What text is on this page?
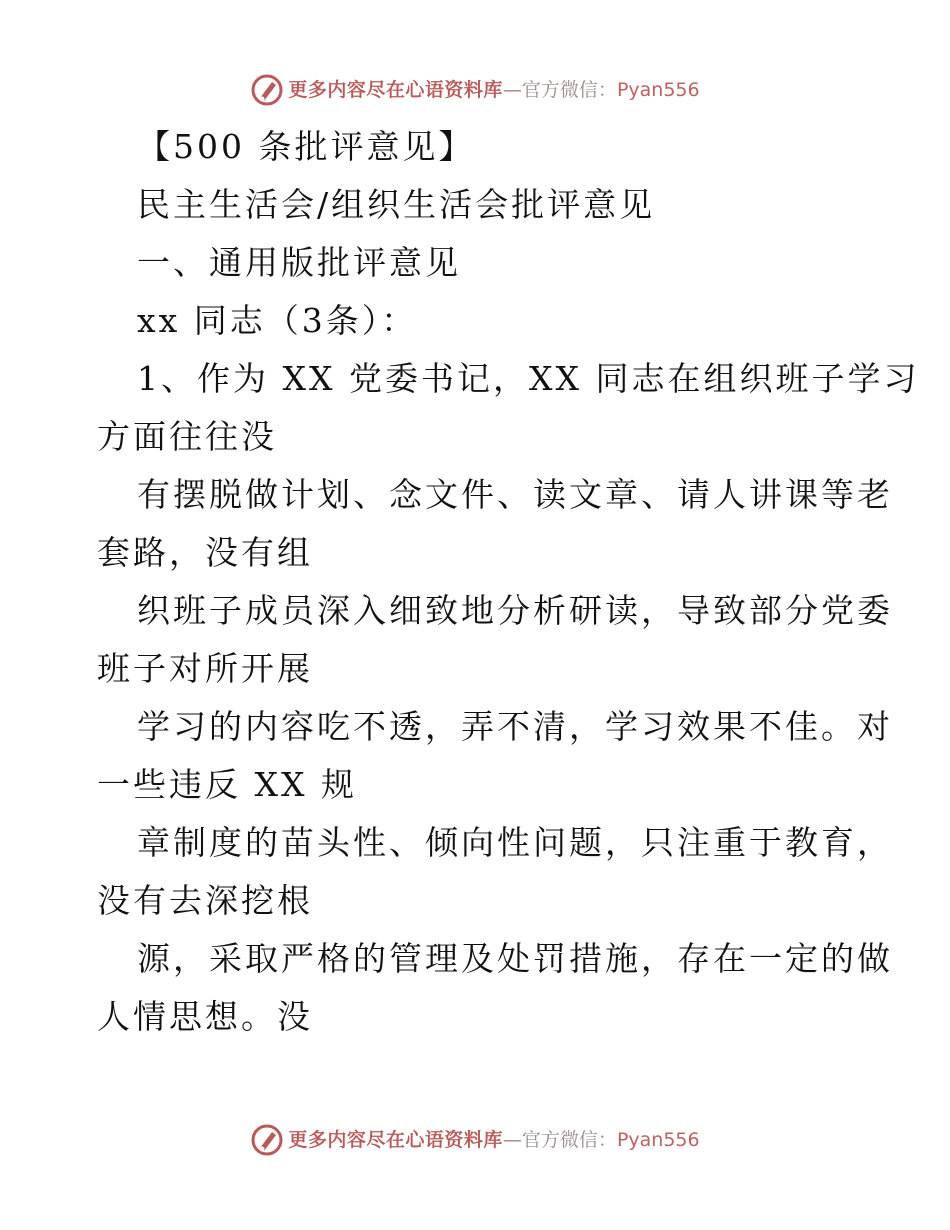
更多内容尽在心语资料库 — 官方微信： Pyan556
【500 条批评意见】
民主生活会/组织生活会批评意见
一、通用版批评意见
xx 同志（3条）：
1、作为 XX 党委书记，XX 同志在组织班子学习
方面往往没
有摆脱做计划、念文件、读文章、请人讲课等老
套路，没有组
织班子成员深入细致地分析研读，导致部分党委
班子对所开展
学习的内容吃不透，弄不清，学习效果不佳。对
一些违反 XX 规
章制度的苗头性、倾向性问题，只注重于教育，
没有去深挖根
源，采取严格的管理及处罚措施，存在一定的做
人情思想。没
更多内容尽在心语资料库 — 官方微信： Pyan556
